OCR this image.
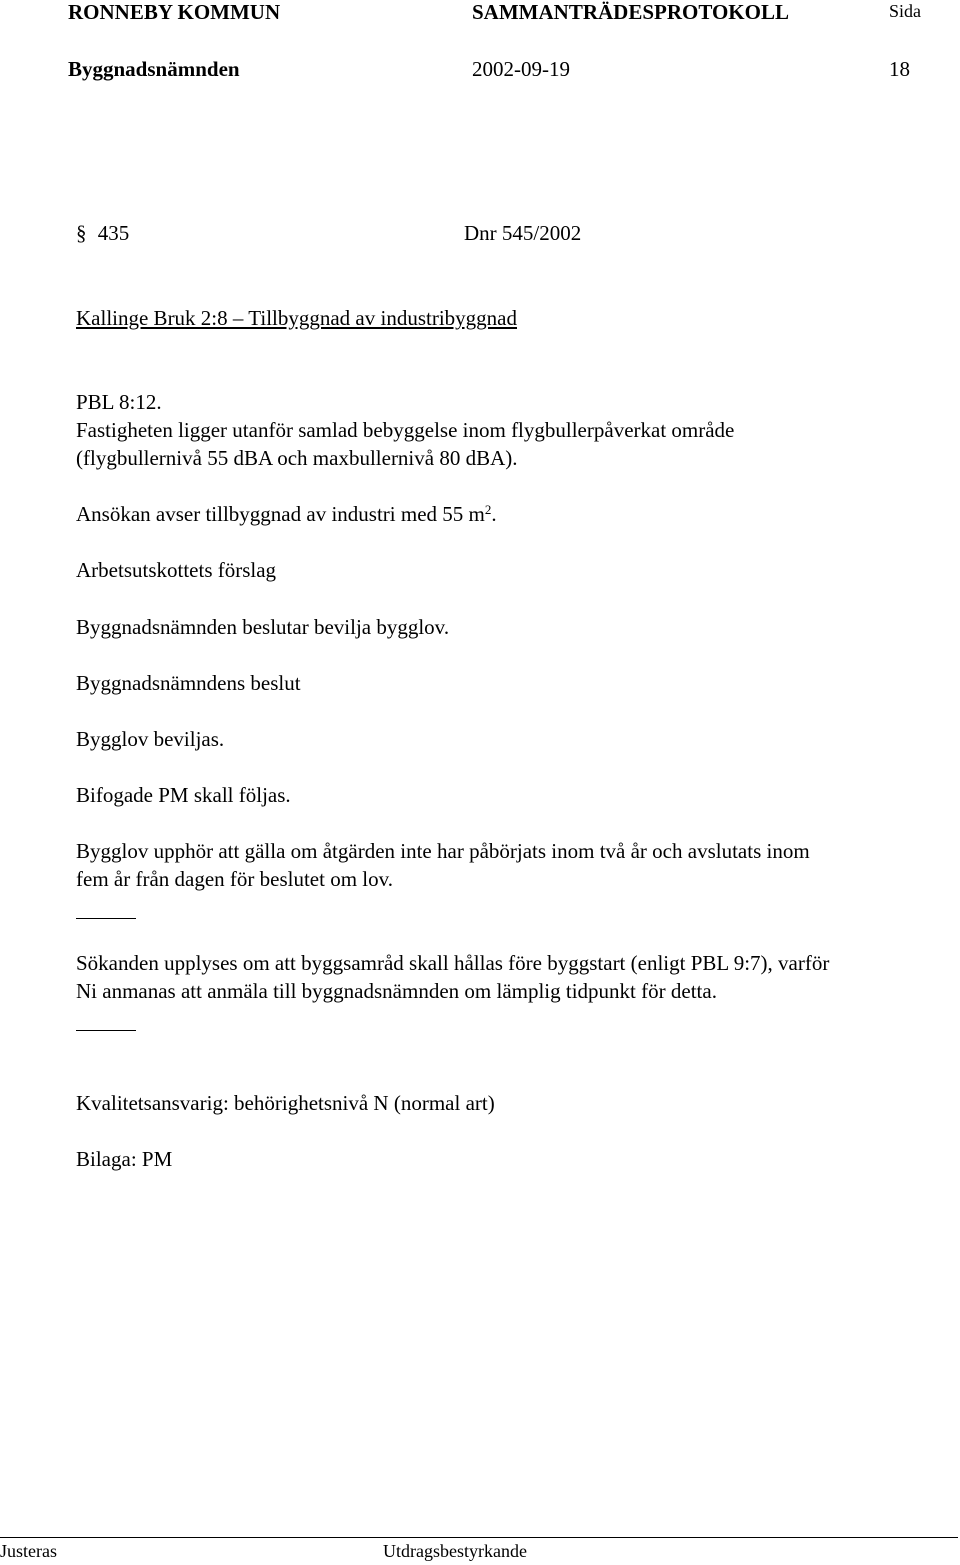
RONNEBY KOMMUN	SAMMANTRÄDESPROTOKOLL	Sida
Byggnadsnämnden	2002-09-19	18
§ 435	Dnr 545/2002
Kallinge Bruk 2:8 – Tillbyggnad av industribyggnad
PBL 8:12.
Fastigheten ligger utanför samlad bebyggelse inom flygbullerpåverkat område
(flygbullernivå 55 dBA och maxbullernivå 80 dBA).
Ansökan avser tillbyggnad av industri med 55 $m^2$.
Arbetsutskottets förslag
Byggnadsnämnden beslutar bevilja bygglov.
Byggnadsnämndens beslut
Bygglov beviljas.
Bifogade PM skall följas.
Bygglov upphör att gälla om åtgärden inte har påbörjats inom två år och avslutats inom
fem år från dagen för beslutet om lov.
Sökanden upplyses om att byggsamråd skall hållas före byggstart (enligt PBL 9:7), varför
Ni anmanas att anmäla till byggnadsnämnden om lämplig tidpunkt för detta.
Kvalitetsansvarig: behörighetsnivå N (normal art)
Bilaga: PM
Justeras	Utdragsbestyrkande
